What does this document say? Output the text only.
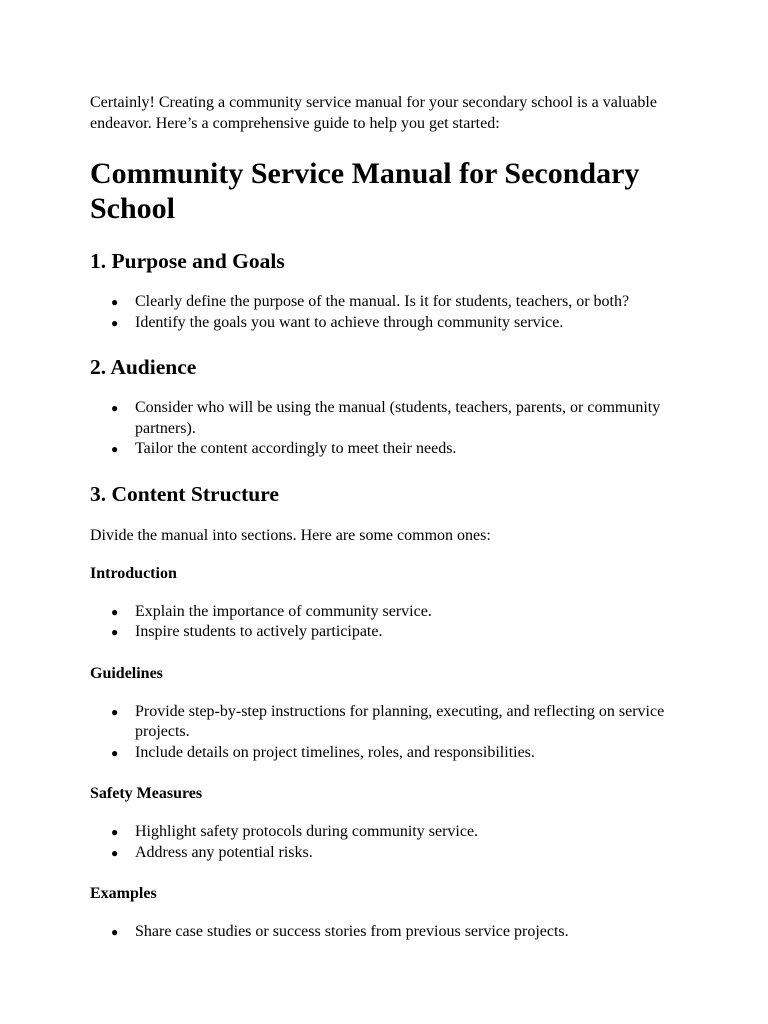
Certainly! Creating a community service manual for your secondary school is a valuable endeavor. Here’s a comprehensive guide to help you get started:

Community Service Manual for Secondary School
1. Purpose and Goals
● Clearly define the purpose of the manual. Is it for students, teachers, or both?
● Identify the goals you want to achieve through community service.
2. Audience
● Consider who will be using the manual (students, teachers, parents, or community partners).
● Tailor the content accordingly to meet their needs.
3. Content Structure

Divide the manual into sections. Here are some common ones:

Introduction
● Explain the importance of community service.
● Inspire students to actively participate.
Guidelines
● Provide step-by-step instructions for planning, executing, and reflecting on service projects.
● Include details on project timelines, roles, and responsibilities.
Safety Measures
● Highlight safety protocols during community service.
● Address any potential risks.
Examples
● Share case studies or success stories from previous service projects.
